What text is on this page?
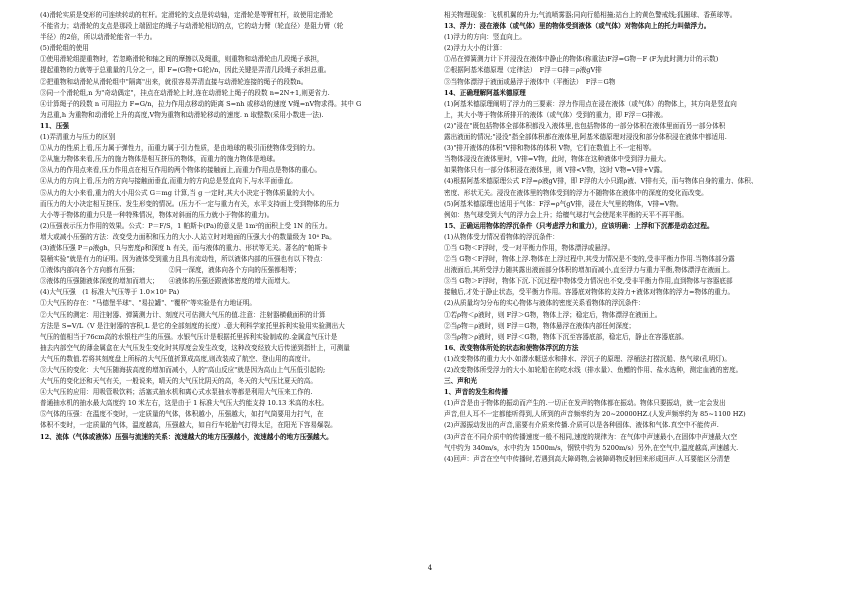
(4)滑轮实质是变形的可连续转动的杠杆。定滑轮的支点是转动轴，定滑轮是等臂杠杆，故使用定滑轮

不能省力；动滑轮的支点是那段上端固定的绳子与动滑轮相切的点，它的动力臂（轮直径）是阻力臂（轮

半径）的2倍，所以动滑轮能省一半力。

(5)滑轮组的使用

①使用滑轮组提重物时，若忽略滑轮和轴之间的摩擦以及绳重，则重物和动滑轮由几段绳子承担，

提起重物的力就等于总重量的几分之一，即 F=(G物+G轮)/n，因此关键是弄清几段绳子承担总重。

②把重物和动滑轮从滑轮组中"隔离"出来，就很容易弄清直接与动滑轮连接的绳子的段数n。

③同一个滑轮组,n 为"奇动偶定"，挂点在动滑轮上时,连在动滑轮上绳子的段数 n=2N+1,则更省力.

④计算绳子的段数 n 可用拉力 F=G/n，拉力作用点移动的距离 S=nh 或移动的速度 V绳=nV物求得。其中 G

为总重,h 为重物和动滑轮上升的高度,V物为重物和动滑轮移动的速度. n 取整数(采用小数进一法).

11、压强

(1)弄清重力与压力的区别

①从力的性质上看,压力属于弹性力，而重力属于引力性质，是由地球的吸引而使物体受到的力。

②从施力物体来看,压力的施力物体是相互挤压的物体，而重力的施力物体是地球。

③从力的作用点来看,压力作用点在相互作用的两个物体的接触面上,而重力作用点是物体的重心。

④从力的方向上看,压力的方向与接触面垂直,而重力的方向总是竖直向下,与水平面垂直。

⑤从力的大小来看,重力的大小用公式 G＝mg 计算,当 g 一定时,其大小决定于物体质量的大小。

而压力的大小决定相互挤压、发生形变的情况。(压力不一定与重力有关，水平支持面上受到物体的压力

大小等于物体的重力只是一种特殊情况，物体对斜面的压力就小于物体的重力)。

(2)压强表示压力作用的效果。公式：P＝F/S，1 帕斯卡(Pa)的意义是 1m²的面积上受 1N 的压力。

增大或减小压强的方法：改变受力面积和压力的大小.人站立时对地面的压强大小的数量级为 10⁴ Pa。

(3)液体压强 P＝ρ液gh，只与密度ρ和深度 h 有关，而与液体的重力、形状等无关。著名的"帕斯卡

裂桶实验"就是有力的证明。因为液体受到重力且具有流动性，所以液体内部的压强也有以下特点：

①液体内部向各个方向都有压强；　　　　　②同一深度，液体向各个方向的压强都相等；

③液体的压强随液体深度的增加而增大；　　④液体的压强还跟液体密度的增大而增大。

(4)大气压强　(1 标准大气压等于 1.0×10⁵ Pa)

①大气压的存在："马德堡半球"、"易拉罐"、"覆杯"等实验是有力地证明。

②大气压的测定：用注射器、弹簧测力计、刻度尺可估测大气压的值.注意：注射器横截面积的计算

方法是 S=V/L（V 是注射器的容积,L 是它的全部刻度的长度）.意大利科学家托里拆利实验用实验测出大

气压的值相当于76cm高的水银柱产生的压强。水银气压计是根据托里拆利实验制成的.金属盒气压计是

抽去内部空气的薄金属盒在大气压发生变化时其厚度会发生改变，这种改变经放大后传递到指针上，可测量

大气压的数值.若将其刻度盘上所标的大气压值折算成高度,则改装成了航空、登山用的高度计。

③大气压的变化：大气压随海拔高度的增加而减小，人的"高山反应"就是因为高山上气压低引起的;

大气压的变化还和天气有关，一般说来，晴天的大气压比阴天的高，冬天的大气压比夏天的高。

④大气压的应用：用吸管吸饮料；活塞式抽水机和离心式水泵抽水等都是利用大气压来工作的.

普通抽水机的抽水最大高度约 10 米左右，这是由于 1 标准大气压大约能支持 10.13 米高的水柱。

⑤气体的压强：在温度不变时，一定质量的气体，体积越小，压强越大，如打气筒要用力打气，在

体积不变时，一定质量的气体，温度越高，压强越大，如自行车轮胎气打得太足，在阳光下容易爆裂。

12、流体（气体或液体）压强与流速的关系：流速越大的地方压强越小，流速越小的地方压强越大。

相关物理现象：飞机机翼的升力;气流喷雾器;同向行船相撞;站台上的黄色警戒线;狐圈球、香蕉球等。

13、浮力：浸在液体（或气体）里的物体受到液体（或气体）对物体向上的托力叫做浮力。

(1)浮力的方向：竖直向上。

(2)浮力大小的计算：

①吊在弹簧测力计下并浸没在液体中静止的物体(称重法)F浮=G物－F (F为此时测力计的示数)

②根据阿基米德原理（定律法）　F浮＝G排＝ρ液gV排

③当物体漂浮于液面或悬浮于液体中（平衡法）　F浮＝G物

14、正确理解阿基米德原理

(1)阿基米德原理阐明了浮力的三要素：浮力作用点在浸在液体（或气体）的物体上，其方向是竖直向

上，其大小等于物体所排开的液体（或气体）受到的重力，即 F浮＝G排液。

(2)"浸在"既包括物体全部体积都没入液体里,也包括物体的一部分体积在液体里面而另一部分体积

露出液面的情况;"浸没"指全部体积都在液体里,阿基米德原理对浸没和部分体积浸在液体中都适用.

(3)"排开液体的体积"V排和物体的体积 V物，它们在数值上不一定相等。

当物体浸没在液体里时，V排=V物，此时，物体在这种液体中受到浮力最大。

如果物体只有一部分体积浸在液体里，则 V排<V物，这时 V物=V排+V露。

(4)根据阿基米德原理公式 F浮=ρ液gV排，即 F浮的大小只跟ρ液、V排有关，而与物体自身的重力、体积、

密度、形状无关。浸没在液体里的物体受到的浮力不随物体在液体中的深度的变化而改变。

(5)阿基米德原理也适用于气体：F浮=ρ气gV排，浸在大气里的物体，V排=V物。

例如：热气球受到大气的浮力会上升；给檀气球打气会使尾来平衡的天平不再平衡。

15、正确运用物体的浮沉条件（只考虑浮力和重力），应该明确：上浮和下沉都是动态过程。

(1)从物体受力情况看物体的浮沉条件：

①当 G物＜F浮时，受一对平衡力作用，物体漂浮或悬浮。

②当 G物＜F浮时，物体上浮.物体在上浮过程中,其受力情况是不变的,受非平衡力作用.当物体部分露

出液面后,其所受浮力随其露出液面部分体积的增加而减小,直至浮力与重力平衡,物体漂浮在液面上。

③当 G物＞F浮时，物体下沉.下沉过程中物体受力情况也不变,受非平衡力作用,直到物体与容器底部

接触后,才处于静止状态，受平衡力作用。容器底对物体的支持力+液体对物体的浮力=物体的重力。

(2)从质量均匀分布的实心物体与液体的密度关系看物体的浮沉条件：

①若ρ物＜ρ液时，则 F浮＞G物，物体上浮；稳定后，物体漂浮在液面上。

②当ρ物＝ρ液时，则 F浮＝G物，物体悬浮在液体内部任何深度；

③当ρ物＞ρ液时，则 F浮＜G物，物体下沉至容器底部，稳定后，静止在容器底部。

16、改变物体所处的状态和使物体浮沉的方法

(1)改变物体的重力大小.如潜水艇送水和排水、浮沉子的原理、浮桶法打捞沉船、热气球(孔明灯)。

(2)改变物体所受浮力的大小.如轮船在的吃水线（排水量）、鱼鳔的作用、盐水选种，测定血液的密度。

三、声和光

1、声音的发生和传播

(1)声音是由于物体的振动而产生的.一切正在发声的物体都在振动。物体只要振动，就一定会发出

声音,但人耳不一定都能听得到,人所到的声音频率约为 20~20000HZ.(人发声频率约为 85~1100 HZ)

(2)声源振动发出的声音,需要有介质来传播.介质可以是各种固体、液体和气体.真空中不能传声.

(3)声音在不同介质中的传播速度一般不相同,速度的规律为：在气体中声速最小,在固体中声速最大(空

气中约为 340m/s，水中约为 1500m/s，钢铁中约为 5200m/s）另外,在空气中,温度越高,声速越大.

(4)回声：声音在空气中传播时,若遇到高大障碍物,会被障碍物反射回来形成回声.人耳要能区分清楚

4
